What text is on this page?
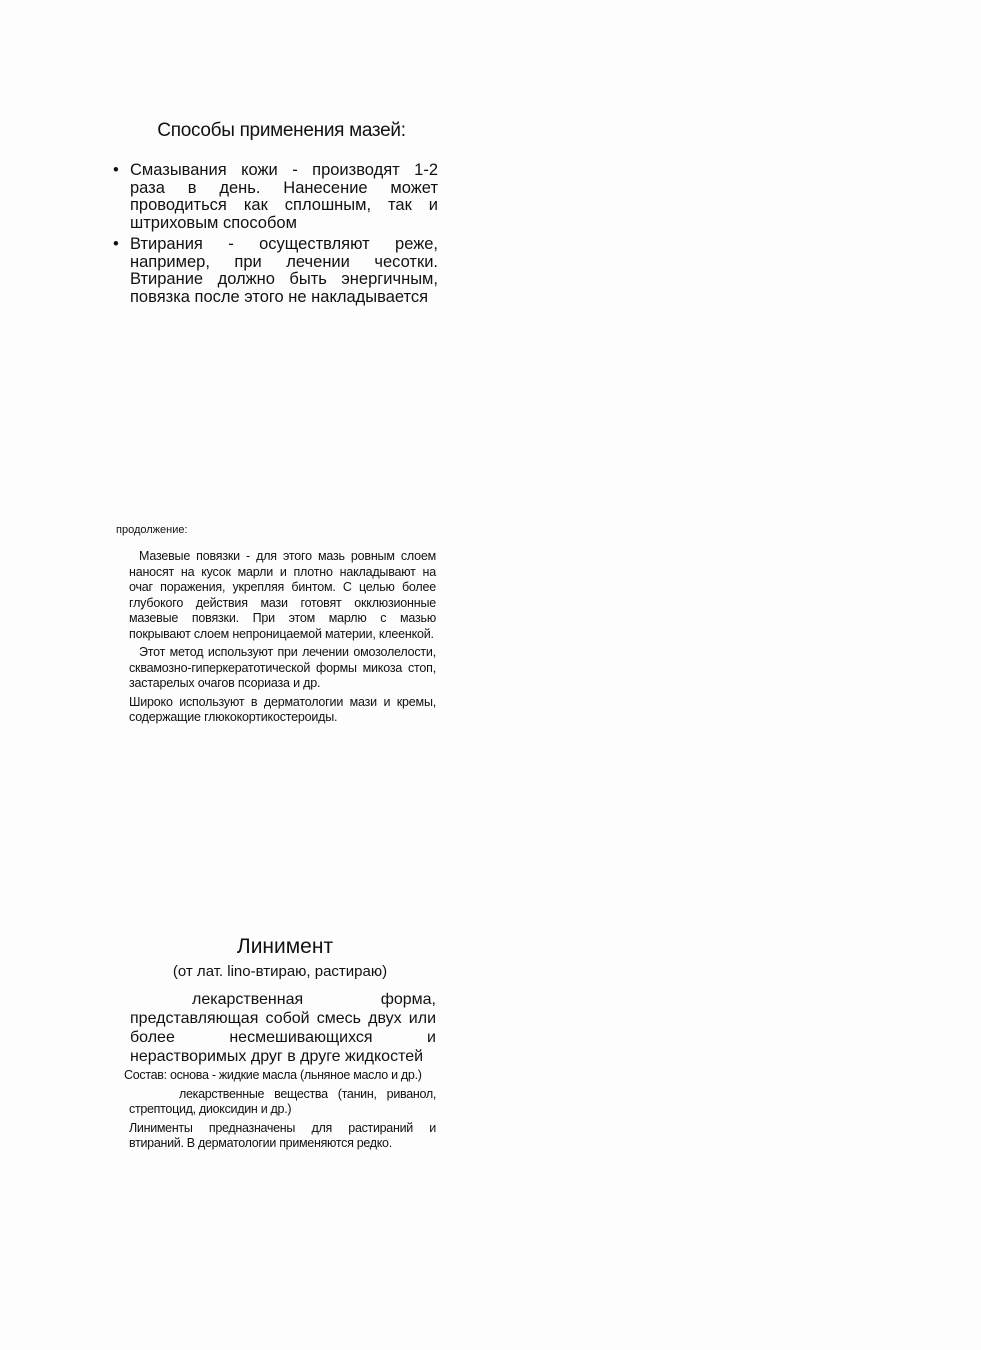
Способы применения мазей:
• Смазывания кожи - производят 1-2 раза в день. Нанесение может проводиться как сплошным, так и штриховым способом
• Втирания - осуществляют реже, например, при лечении чесотки. Втирание должно быть энергичным, повязка после этого не накладывается
продолжение:
Мазевые повязки - для этого мазь ровным слоем наносят на кусок марли и плотно накладывают на очаг поражения, укрепляя бинтом. С целью более глубокого действия мази готовят окклюзионные мазевые повязки. При этом марлю с мазью покрывают слоем непроницаемой материи, клеенкой.
Этот метод используют при лечении омозолелости, сквамозно-гиперкератотической формы микоза стоп, застарелых очагов псориаза и др.
Широко используют в дерматологии мази и кремы, содержащие глюкокортикостероиды.
Линимент
(от лат. lino-втираю, растираю)
лекарственная форма, представляющая собой смесь двух или более несмешивающихся и нерастворимых друг в друге жидкостей
Состав: основа - жидкие масла (льняное масло и др.)
лекарственные вещества (танин, риванол, стрептоцид, диоксидин и др.)
Линименты предназначены для растираний и втираний. В дерматологии применяются редко.
